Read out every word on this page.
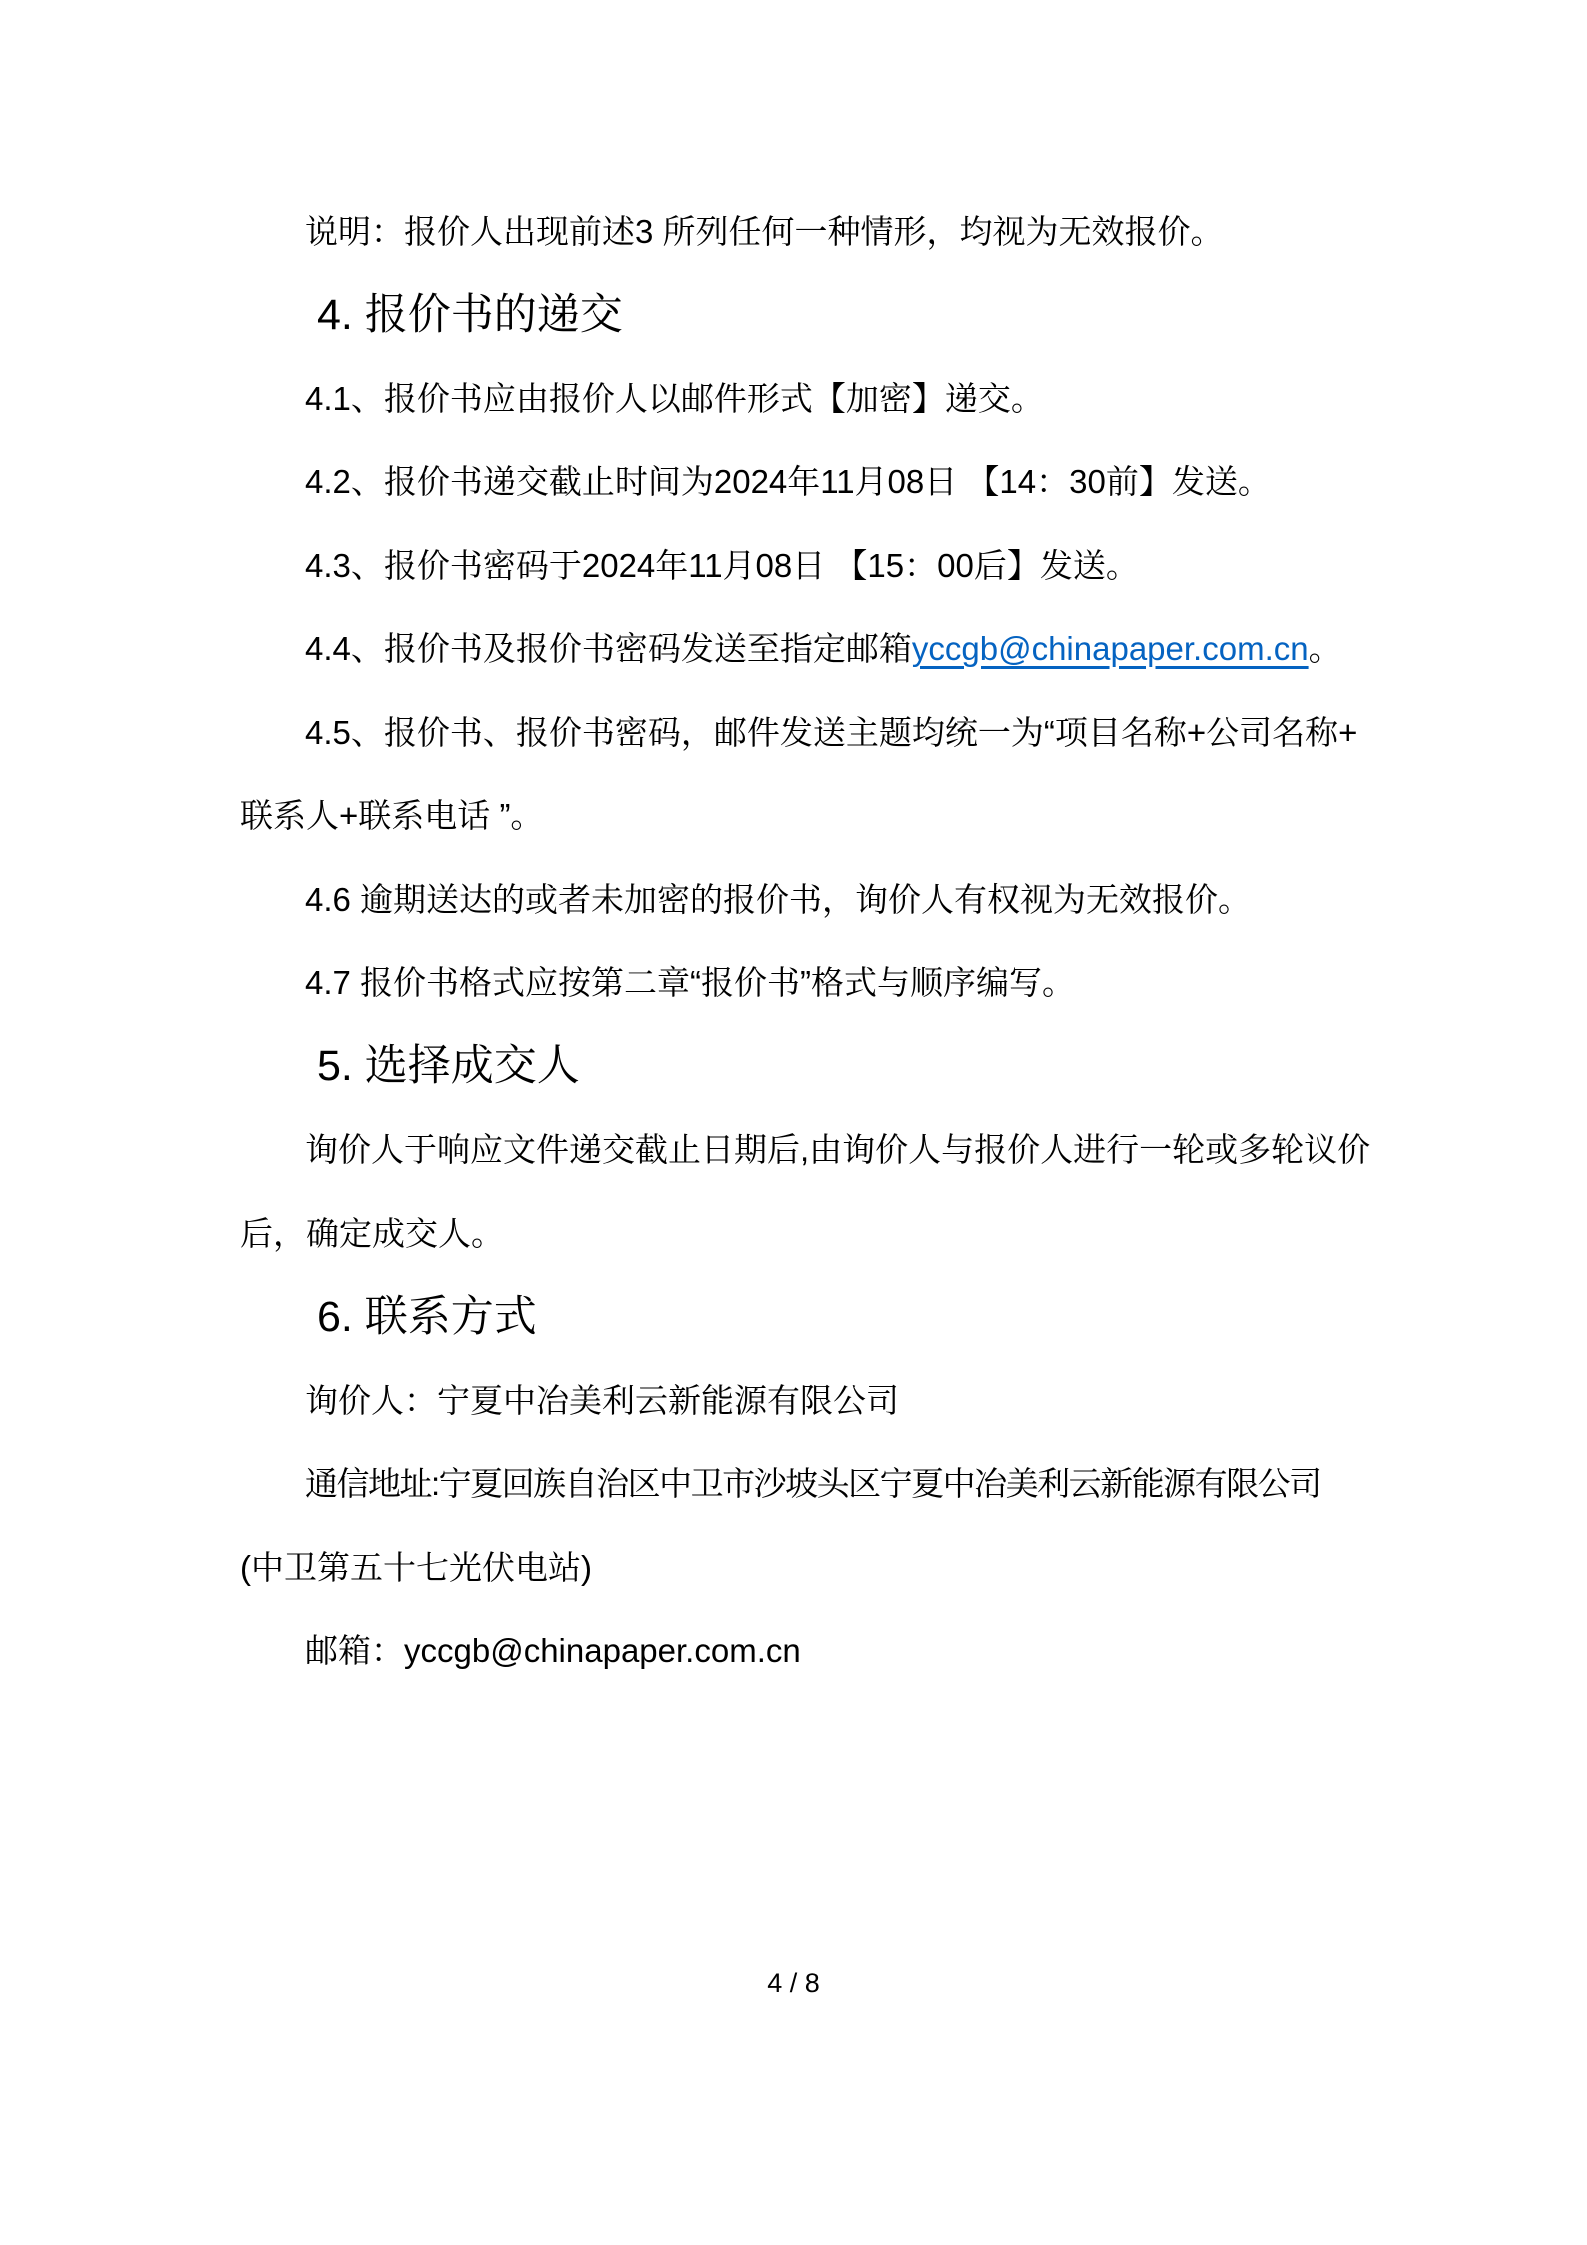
说明：报价人出现前述3 所列任何一种情形，均视为无效报价。
4. 报价书的递交
4.1、报价书应由报价人以邮件形式【加密】递交。
4.2、报价书递交截止时间为2024年11月08日 【14：30前】发送。
4.3、报价书密码于2024年11月08日 【15：00后】发送。
4.4、报价书及报价书密码发送至指定邮箱 yccgb@chinapaper.com.cn 。
4.5、报价书、报价书密码，邮件发送主题均统一为“项目名称+公司名称+
联系人+联系电话 ”。
4.6 逾期送达的或者未加密的报价书，询价人有权视为无效报价。
4.7 报价书格式应按第二章“报价书”格式与顺序编写。
5. 选择成交人
询价人于响应文件递交截止日期后,由询价人与报价人进行一轮或多轮议价
后，确定成交人。
6. 联系方式
询价人：宁夏中冶美利云新能源有限公司
通信地址:宁夏回族自治区中卫市沙坡头区宁夏中冶美利云新能源有限公司
(中卫第五十七光伏电站)
邮箱：yccgb@chinapaper.com.cn
4 / 8
